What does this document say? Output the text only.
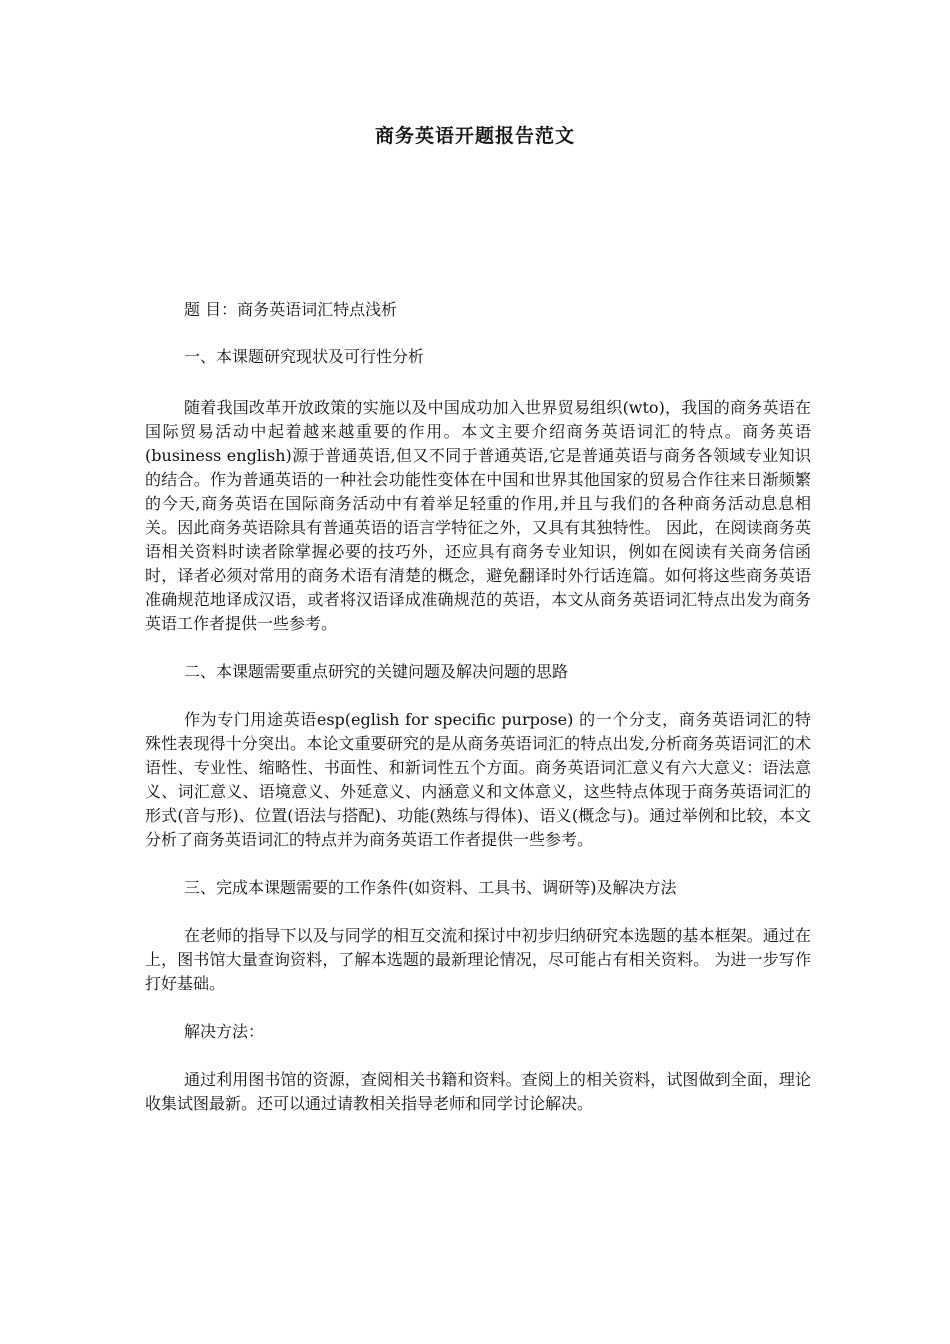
商务英语开题报告范文

题 目：商务英语词汇特点浅析

一、本课题研究现状及可行性分析

随着我国改革开放政策的实施以及中国成功加入世界贸易组织(wto)，我国的商务英语在国际贸易活动中起着越来越重要的作用。本文主要介绍商务英语词汇的特点。商务英语(business english)源于普通英语,但又不同于普通英语,它是普通英语与商务各领域专业知识的结合。作为普通英语的一种社会功能性变体在中国和世界其他国家的贸易合作往来日渐频繁的今天,商务英语在国际商务活动中有着举足轻重的作用,并且与我们的各种商务活动息息相关。因此商务英语除具有普通英语的语言学特征之外，又具有其独特性。 因此，在阅读商务英语相关资料时读者除掌握必要的技巧外，还应具有商务专业知识，例如在阅读有关商务信函时，译者必须对常用的商务术语有清楚的概念，避免翻译时外行话连篇。如何将这些商务英语准确规范地译成汉语，或者将汉语译成准确规范的英语，本文从商务英语词汇特点出发为商务英语工作者提供一些参考。

二、本课题需要重点研究的关键问题及解决问题的思路

作为专门用途英语esp(eglish for specific purpose) 的一个分支，商务英语词汇的特殊性表现得十分突出。本论文重要研究的是从商务英语词汇的特点出发,分析商务英语词汇的术语性、专业性、缩略性、书面性、和新词性五个方面。商务英语词汇意义有六大意义：语法意义、词汇意义、语境意义、外延意义、内涵意义和文体意义，这些特点体现于商务英语词汇的形式(音与形)、位置(语法与搭配)、功能(熟练与得体)、语义(概念与)。通过举例和比较，本文分析了商务英语词汇的特点并为商务英语工作者提供一些参考。

三、完成本课题需要的工作条件(如资料、工具书、调研等)及解决方法

在老师的指导下以及与同学的相互交流和探讨中初步归纳研究本选题的基本框架。通过在上，图书馆大量查询资料，了解本选题的最新理论情况，尽可能占有相关资料。 为进一步写作打好基础。

解决方法：

通过利用图书馆的资源，查阅相关书籍和资料。查阅上的相关资料，试图做到全面，理论收集试图最新。还可以通过请教相关指导老师和同学讨论解决。
